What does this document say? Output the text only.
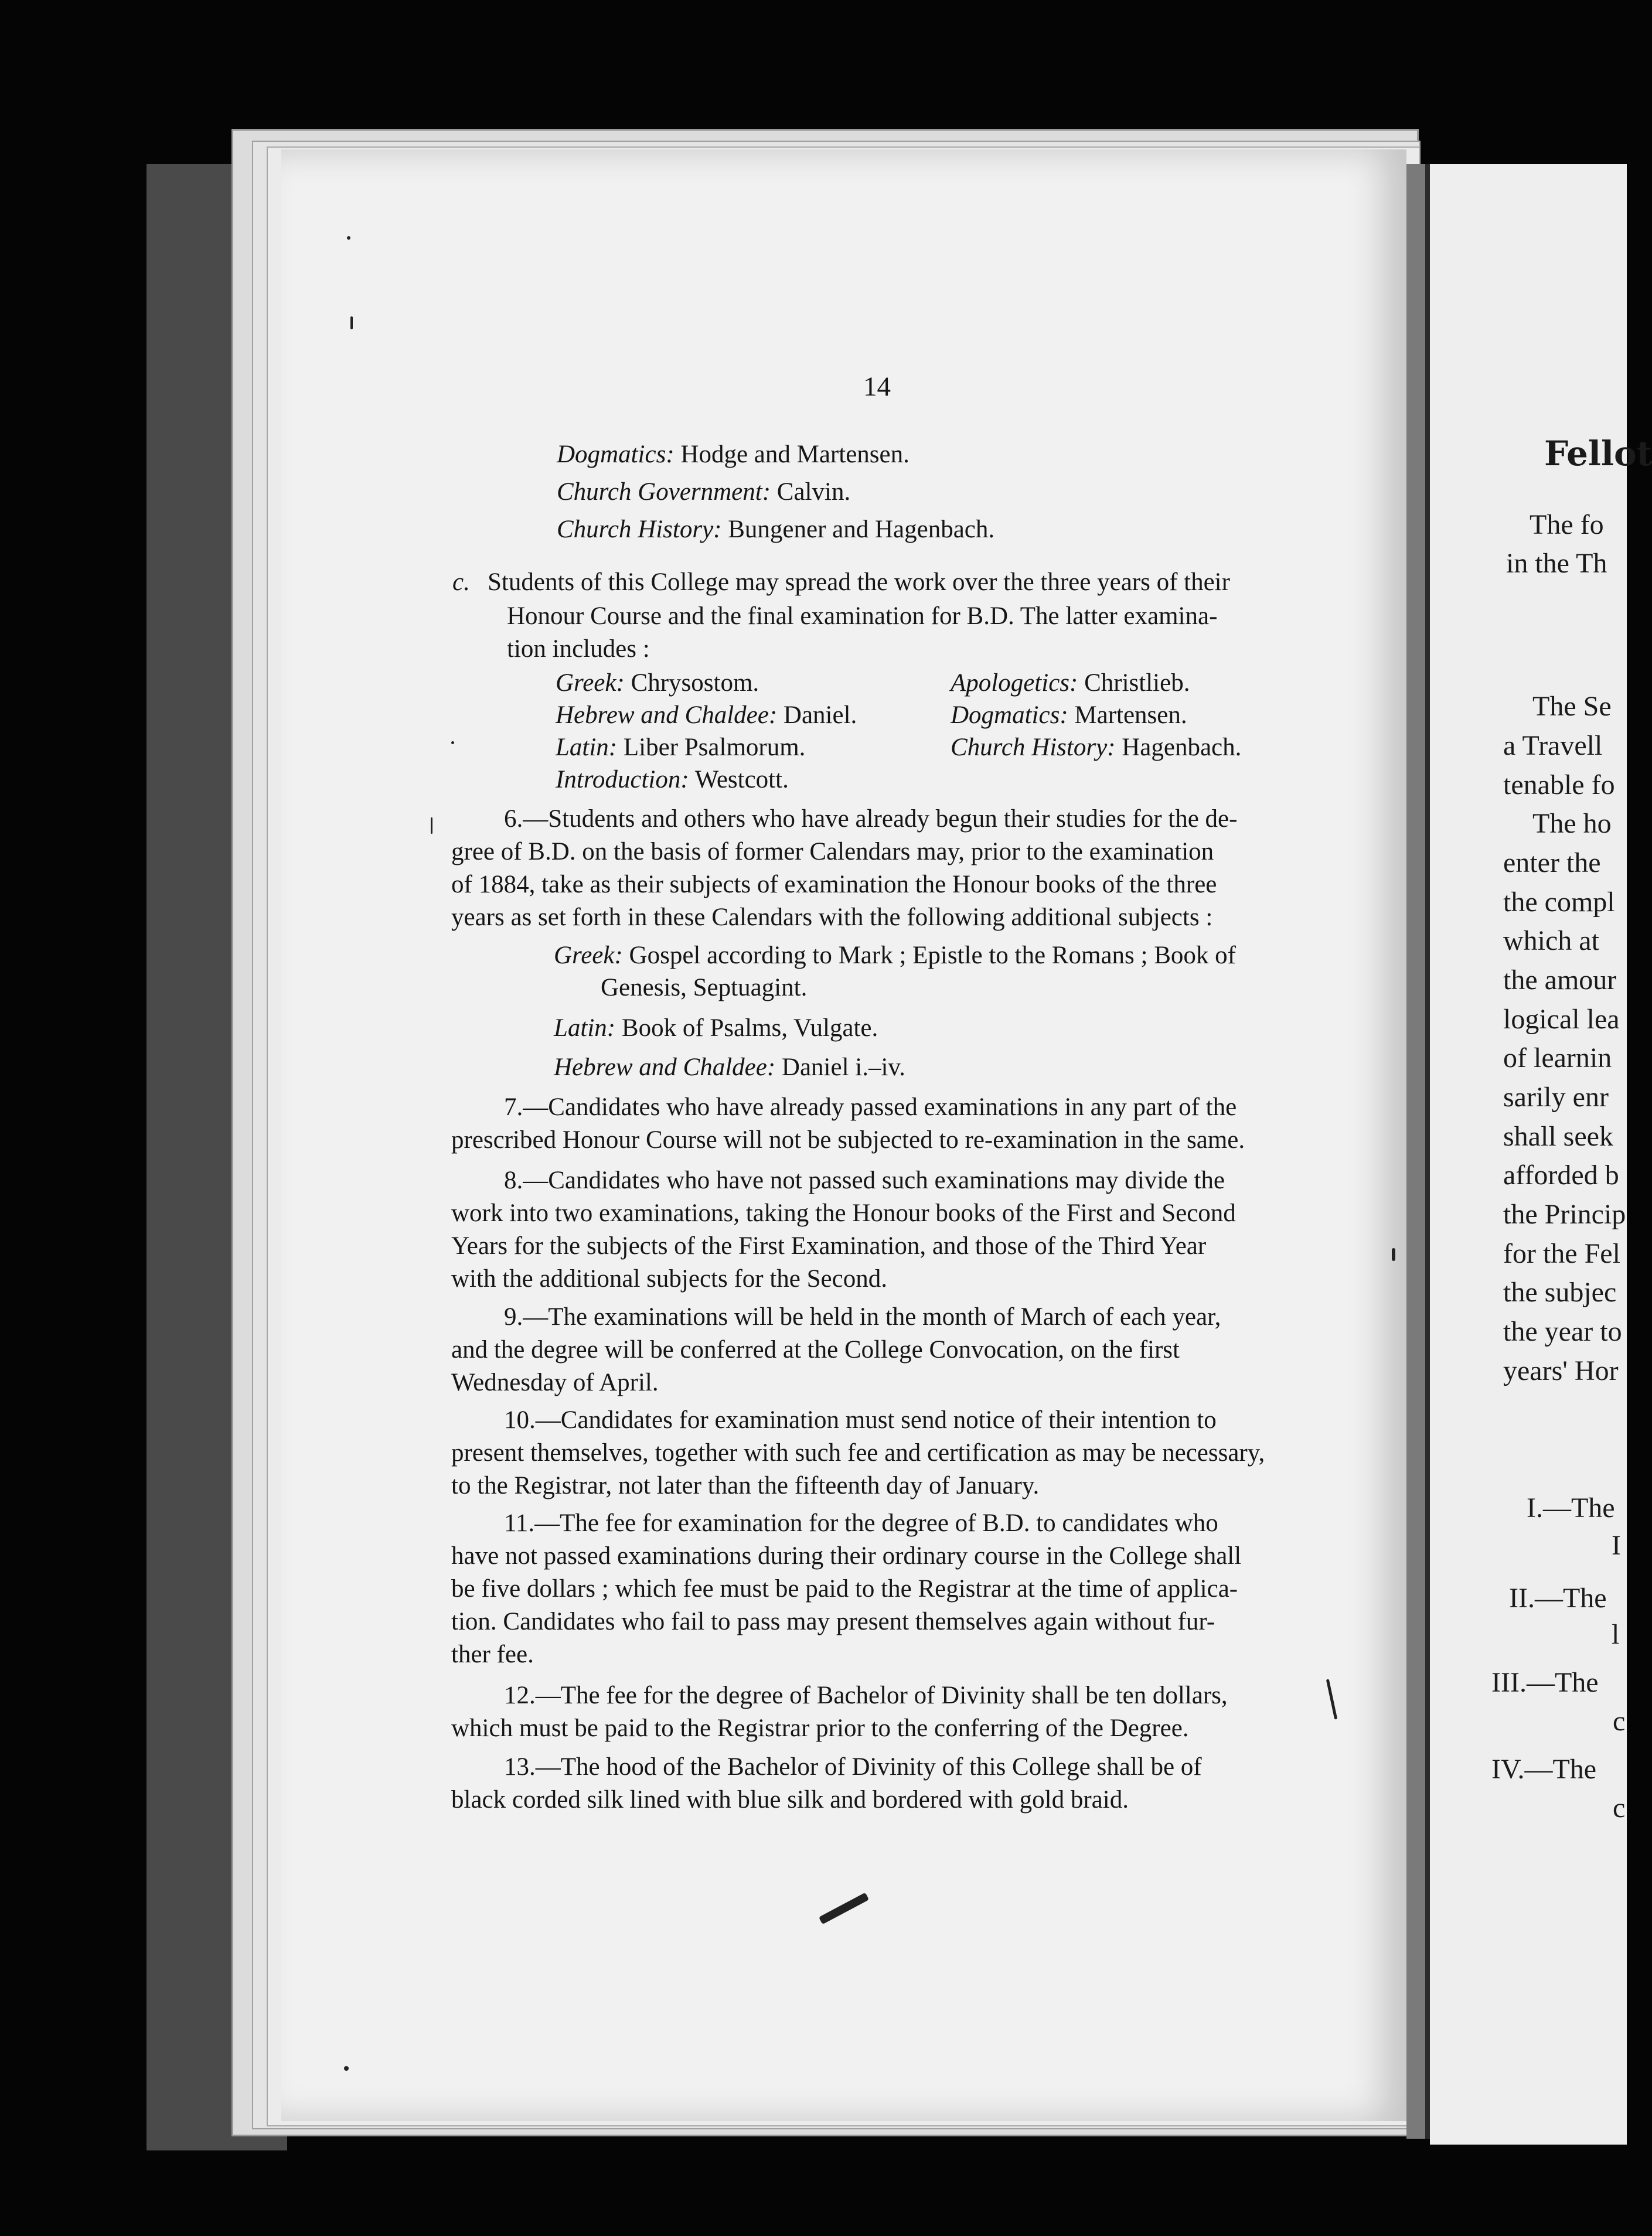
14
Dogmatics: Hodge and Martensen.
Church Government: Calvin.
Church History: Bungener and Hagenbach.
c. Students of this College may spread the work over the three years of their
Honour Course and the final examination for B.D. The latter examina-
tion includes :
Greek: Chrysostom.
Hebrew and Chaldee: Daniel.
Latin: Liber Psalmorum.
Introduction: Westcott.
Apologetics: Christlieb.
Dogmatics: Martensen.
Church History: Hagenbach.
6.—Students and others who have already begun their studies for the de-
gree of B.D. on the basis of former Calendars may, prior to the examination
of 1884, take as their subjects of examination the Honour books of the three
years as set forth in these Calendars with the following additional subjects :
Greek: Gospel according to Mark ; Epistle to the Romans ; Book of
Genesis, Septuagint.
Latin: Book of Psalms, Vulgate.
Hebrew and Chaldee: Daniel i.–iv.
7.—Candidates who have already passed examinations in any part of the
prescribed Honour Course will not be subjected to re-examination in the same.
8.—Candidates who have not passed such examinations may divide the
work into two examinations, taking the Honour books of the First and Second
Years for the subjects of the First Examination, and those of the Third Year
with the additional subjects for the Second.
9.—The examinations will be held in the month of March of each year,
and the degree will be conferred at the College Convocation, on the first
Wednesday of April.
10.—Candidates for examination must send notice of their intention to
present themselves, together with such fee and certification as may be necessary,
to the Registrar, not later than the fifteenth day of January.
11.—The fee for examination for the degree of B.D. to candidates who
have not passed examinations during their ordinary course in the College shall
be five dollars ; which fee must be paid to the Registrar at the time of applica-
tion. Candidates who fail to pass may present themselves again without fur-
ther fee.
12.—The fee for the degree of Bachelor of Divinity shall be ten dollars,
which must be paid to the Registrar prior to the conferring of the Degree.
13.—The hood of the Bachelor of Divinity of this College shall be of
black corded silk lined with blue silk and bordered with gold braid.
Fellot
The fo
in the Th
The Se
a Travell
tenable fo
The ho
enter the
the compl
which at
the amour
logical lea
of learnin
sarily enr
shall seek
afforded b
the Princip
for the Fel
the subjec
the year to
years' Hor
I.—The
I
II.—The
l
III.—The
c
IV.—The
c
